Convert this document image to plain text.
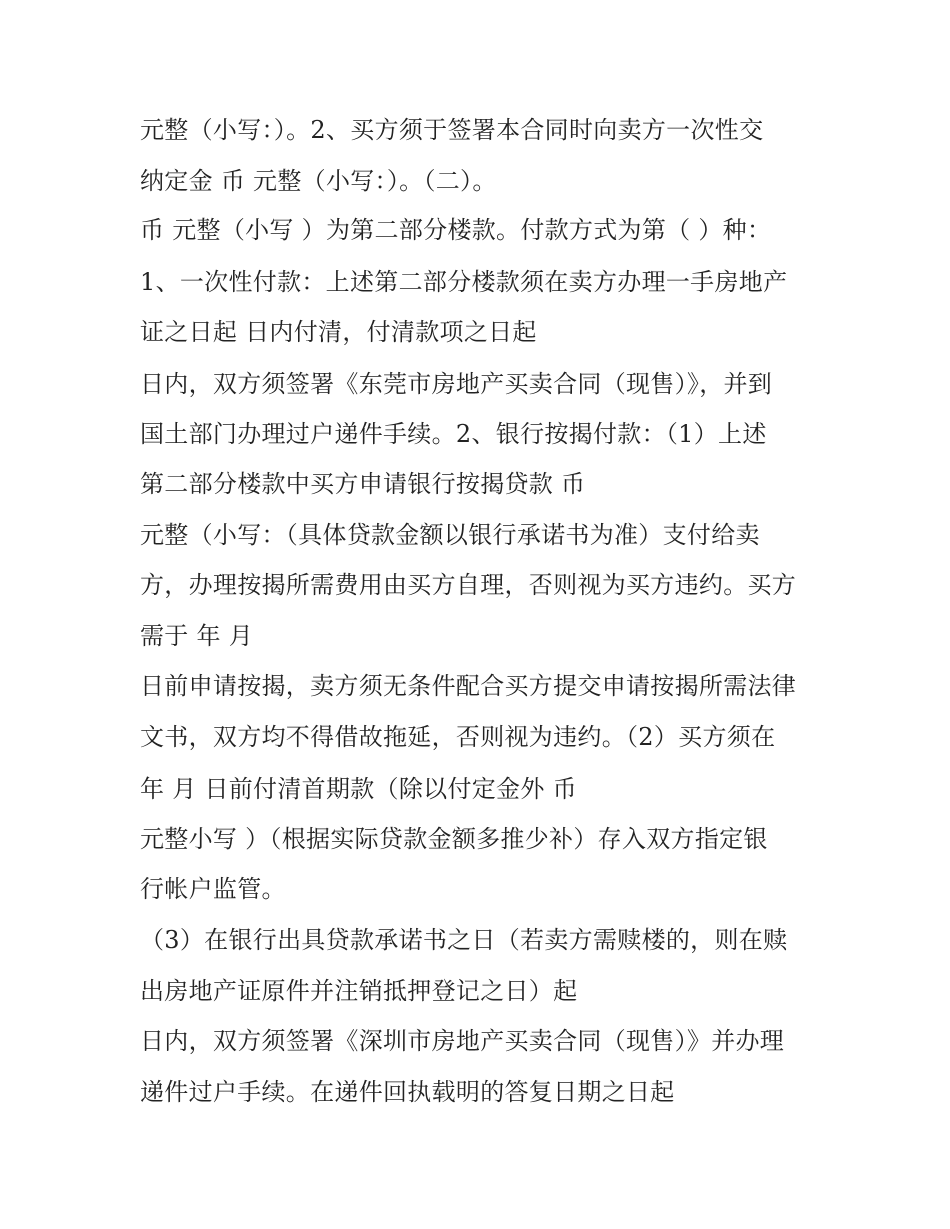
元整（小写：）。2、买方须于签署本合同时向卖方一次性交

纳定金 币 元整（小写：）。（二）。

币 元整（小写 ）为第二部分楼款。付款方式为第（ ）种：

1、一次性付款：上述第二部分楼款须在卖方办理一手房地产

证之日起 日内付清，付清款项之日起

日内，双方须签署《东莞市房地产买卖合同（现售）》，并到

国土部门办理过户递件手续。2、银行按揭付款：（1）上述

第二部分楼款中买方申请银行按揭贷款 币

元整（小写：（具体贷款金额以银行承诺书为准）支付给卖

方，办理按揭所需费用由买方自理，否则视为买方违约。买方

需于 年 月

日前申请按揭，卖方须无条件配合买方提交申请按揭所需法律

文书，双方均不得借故拖延，否则视为违约。（2）买方须在

年 月 日前付清首期款（除以付定金外 币

元整小写 ）（根据实际贷款金额多推少补）存入双方指定银

行帐户监管。

（3）在银行出具贷款承诺书之日（若卖方需赎楼的，则在赎

出房地产证原件并注销抵押登记之日）起

日内，双方须签署《深圳市房地产买卖合同（现售）》并办理

递件过户手续。在递件回执载明的答复日期之日起
